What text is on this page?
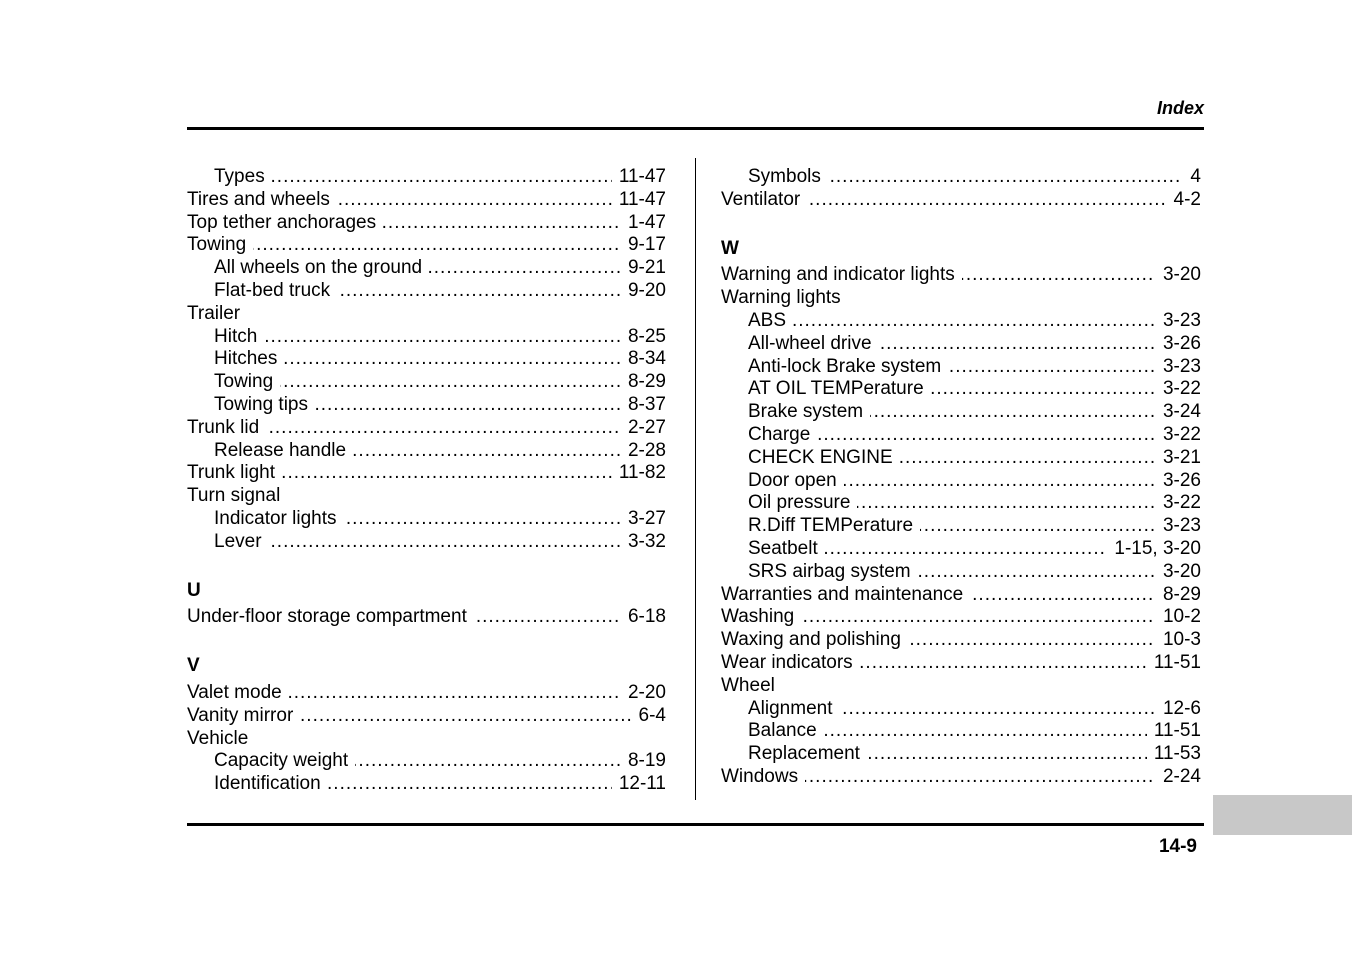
Index
.....
Types	11-47
.....
Tires and wheels	11-47
.....
Top tether anchorages	1-47
.....
Towing	9-17
.....
All wheels on the ground	9-21
.....
Flat-bed truck	9-20
Trailer
.....
Hitch	8-25
.....
Hitches	8-34
.....
Towing	8-29
.....
Towing tips	8-37
.....
Trunk lid	2-27
.....
Release handle	2-28
.....
Trunk light	11-82
Turn signal
.....
Indicator lights	3-27
.....
Lever	3-32
U
.....
Under-floor storage compartment	6-18
V
.....
Valet mode	2-20
.....
Vanity mirror	6-4
Vehicle
.....
Capacity weight	8-19
.....
Identification	12-11
.....
Symbols	4
.....
Ventilator	4-2
W
.....
Warning and indicator lights	3-20
Warning lights
.....
ABS	3-23
.....
All-wheel drive	3-26
.....
Anti-lock Brake system	3-23
.....
AT OIL TEMPerature	3-22
.....
Brake system	3-24
.....
Charge	3-22
.....
CHECK ENGINE	3-21
.....
Door open	3-26
.....
Oil pressure	3-22
.....
R.Diff TEMPerature	3-23
.....
Seatbelt	1-15, 3-20
.....
SRS airbag system	3-20
.....
Warranties and maintenance	8-29
.....
Washing	10-2
.....
Waxing and polishing	10-3
.....
Wear indicators	11-51
Wheel
.....
Alignment	12-6
.....
Balance	11-51
.....
Replacement	11-53
.....
Windows	2-24
14-9
